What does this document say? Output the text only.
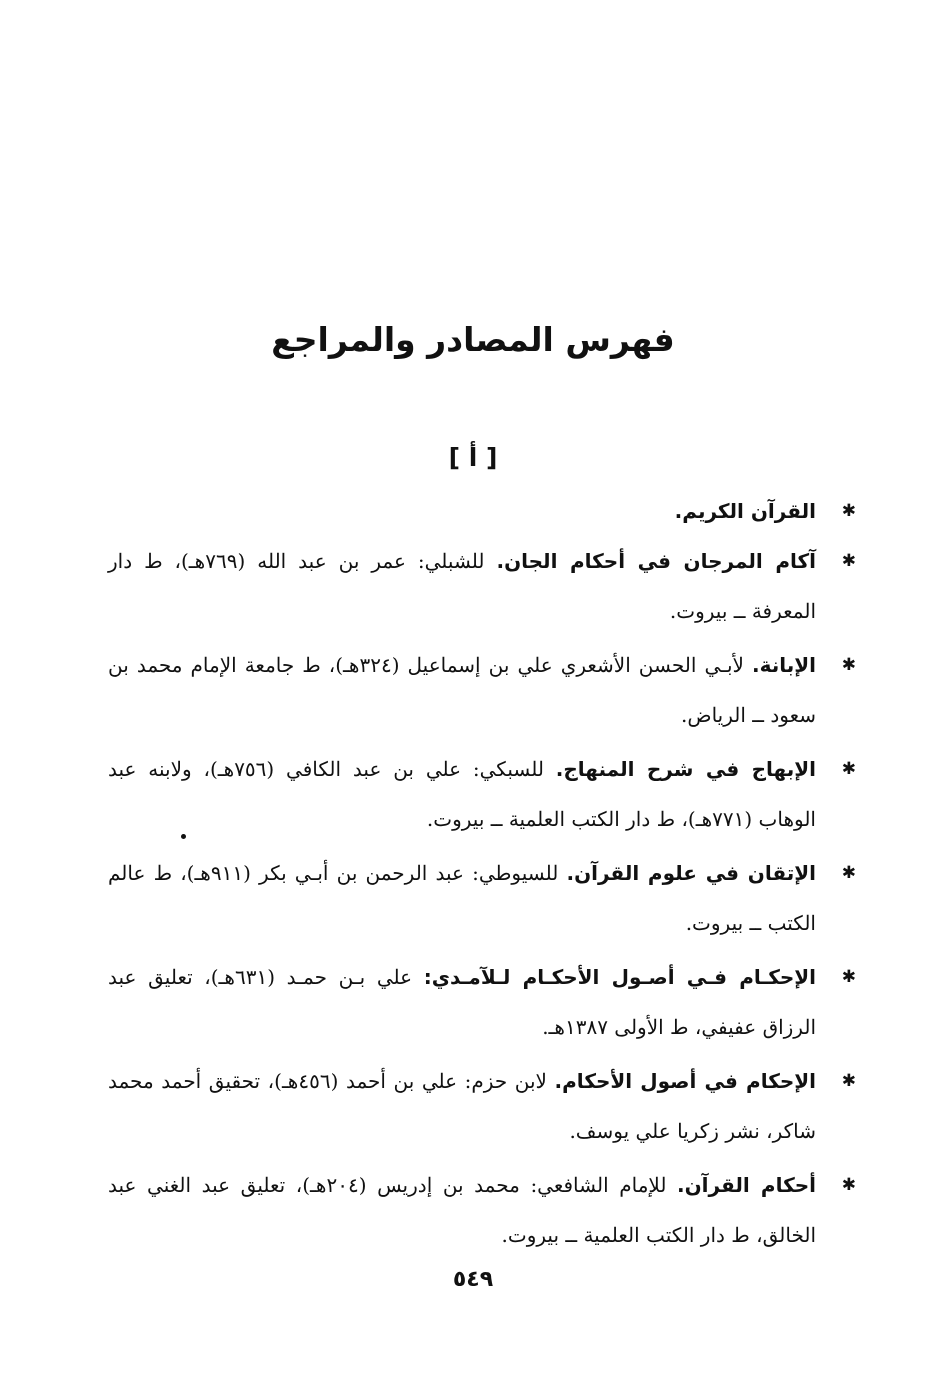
فهرس المصادر والمراجع
[ أ ]
✱
القرآن الكريم.
✱
آكام المرجان في أحكام الجان. للشبلي: عمر بن عبد الله (٧٦٩هـ)، ط دار المعرفة ــ بيروت.
✱
الإبانة. لأبـي الحسن الأشعري علي بن إسماعيل (٣٢٤هـ)، ط جامعة الإمام محمد بن سعود ــ الرياض.
✱
الإبهاج في شرح المنهاج. للسبكي: علي بن عبد الكافي (٧٥٦هـ)، ولابنه عبد الوهاب (٧٧١هـ)، ط دار الكتب العلمية ــ بيروت.
✱
الإتقان في علوم القرآن. للسيوطي: عبد الرحمن بن أبـي بكر (٩١١هـ)، ط عالم الكتب ــ بيروت.
✱
الإحكـام فـي أصـول الأحكـام لـلآمـدي: علي بـن حمـد (٦٣١هـ)، تعليق عبد الرزاق عفيفي، ط الأولى ١٣٨٧هـ.
✱
الإحكام في أصول الأحكام. لابن حزم: علي بن أحمد (٤٥٦هـ)، تحقيق أحمد محمد شاكر، نشر زكريا علي يوسف.
✱
أحكام القرآن. للإمام الشافعي: محمد بن إدريس (٢٠٤هـ)، تعليق عبد الغني عبد الخالق، ط دار الكتب العلمية ــ بيروت.
٥٤٩
